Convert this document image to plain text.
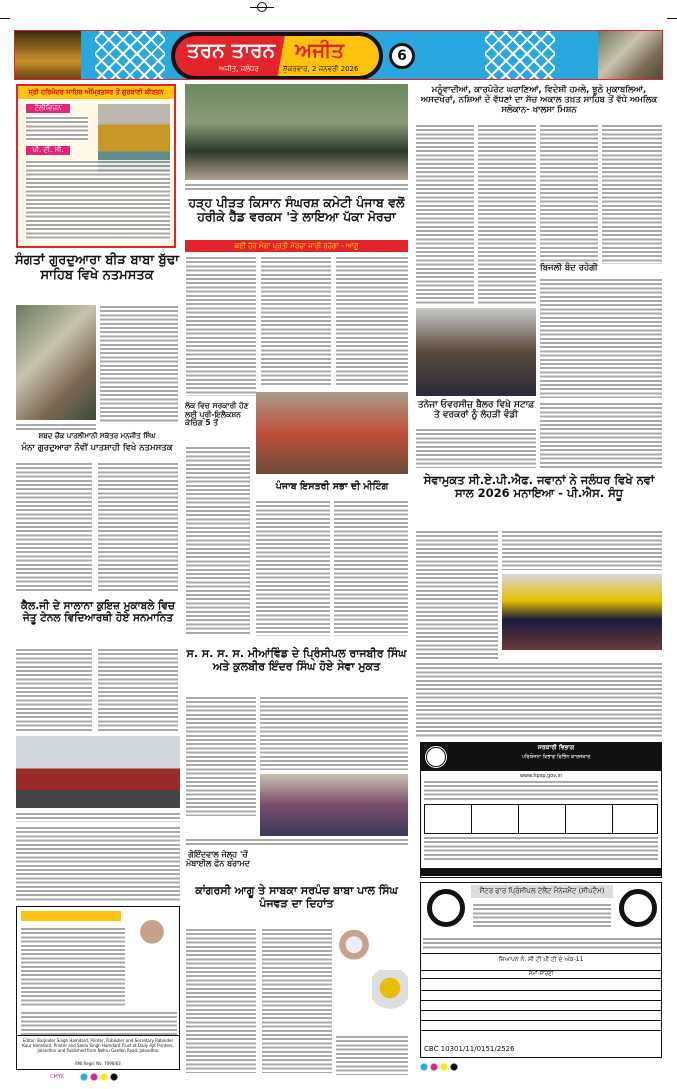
ਤਰਨ ਤਾਰਨ ਅਜੀਤ
ਅਜੀਤ, ਜਲੰਧਰ	ਸ਼ੁੱਕਰਵਾਰ, 2 ਜਨਵਰੀ 2026
6
ਸ੍ਰੀ ਹਰਿਮੰਦਰ ਸਾਹਿਬ ਅੰਮ੍ਰਿਤਸਰ ਤੋਂ ਗੁਰਬਾਣੀ ਕੀਰਤਨ
ਟੈਲੀਵਿਜ਼ਨ
ਪੀ. ਟੀ. ਸੀ.
ਸੰਗਤਾਂ ਗੁਰਦੁਆਰਾ ਬੀੜ ਬਾਬਾ ਬੁੱਢਾ ਸਾਹਿਬ ਵਿਖੇ ਨਤਮਸਤਕ
ਸ਼ਬਦ ਚੌਂਕ ਪਾਰਲੀਮਾਨੀ ਸਕੱਤਰ ਮਨਜੀਤ ਸਿੰਘ
ਮੰਨਾ ਗੁਰਦੁਆਰਾ ਨੌਵੀਂ ਪਾਤਸ਼ਾਹੀ ਵਿਖੇ ਨਤਮਸਤਕ
ਕੈਲ.ਜੀ ਦੇ ਸਾਲਾਨਾ ਕੁਇਜ਼ ਮੁਕਾਬਲੇ ਵਿਚ ਜੇਤੂ ਟੇਨਲ ਵਿਦਿਆਰਥੀ ਹੋਏ ਸਨਮਾਨਿਤ
Editor: Barjinder Singh Hamdard, Printer, Publisher and Secretary Rabinder Kaur Hamdard, Printer and Seelu Singh Hamdard Trust at Daily Ajit Printers, Jalandhar and Published from Nehru Garden Road, Jalandhar
RNI Regd. No. 7096/63
CMYK
ਹੜ੍ਹ ਪੀੜਤ ਕਿਸਾਨ ਸੰਘਰਸ਼ ਕਮੇਟੀ ਪੰਜਾਬ ਵਲੋਂ ਹਰੀਕੇ ਹੈੱਡ ਵਰਕਸ 'ਤੇ ਲਾਇਆ ਪੱਕਾ ਮੋਰਚਾ
ਕਈ ਹੋਰ ਮੰਗਾਂ ਪ੍ਰਤੀ ਮੋਰਚਾ ਜਾਰੀ ਰਹੇਗਾ - ਆਗੂ
ਲੋਕ ਵਿਚ ਸਰਕਾਰੀ ਹੋਣ ਲਈ ਪ੍ਰੀ-ਇਲੈਕਸ਼ਨ ਕੋਚਿੰਗ 5 ਤੋਂ
ਪੰਜਾਬ ਇਸਤਰੀ ਸਭਾ ਦੀ ਮੀਟਿੰਗ
ਸ. ਸ. ਸ. ਸ. ਮੀਆਂਵਿੰਡ ਦੇ ਪ੍ਰਿੰਸੀਪਲ ਰਾਜਬੀਰ ਸਿੰਘ ਅਤੇ ਕੁਲਬੀਰ ਇੰਦਰ ਸਿੰਘ ਹੋਏ ਸੇਵਾ ਮੁਕਤ
ਗੋਇੰਦਵਾਲ ਜੇਲ੍ਹ 'ਚੋਂ ਮੋਬਾਈਲ ਫੋਨ ਬਰਾਮਦ
ਕਾਂਗਰਸੀ ਆਗੂ ਤੇ ਸਾਬਕਾ ਸਰਪੰਚ ਬਾਬਾ ਪਾਲ ਸਿੰਘ ਪੰਜਵੜ ਦਾ ਦਿਹਾਂਤ
ਮਨੂੰਵਾਦੀਆਂ, ਕਾਰਪੋਰੇਟ ਘਰਾਣਿਆਂ, ਵਿਦੇਸ਼ੀ ਹਮਲੇ, ਝੂਠੇ ਮੁਕਾਬਲਿਆਂ, ਅਸਦਖੋਰਾਂ, ਨਸ਼ਿਆਂ ਦੇ ਵੱਧਣਾਂ ਦਾ ਸੱਚ ਅਕਾਲ ਤਖ਼ਤ ਸਾਹਿਬ ਤੋਂ ਵੱਧੇ ਅਮਲਿਕ ਸਲੋਕਾਨ- ਖਾਲਸਾ ਮਿਸ਼ਨ
ਬਿਜਲੀ ਬੰਦ ਰਹੇਗੀ
ਤਨੇਜਾ ਓਵਰਸੀਜ਼ ਬੈਲਰ ਵਿਖੇ ਸਟਾਫ਼ ਤੇ ਵਰਕਰਾਂ ਨੂੰ ਲੋਹੜੀ ਵੰਡੀ
ਸੇਵਾਮੁਕਤ ਸੀ.ਏ.ਪੀ.ਐਫ. ਜਵਾਨਾਂ ਨੇ ਜਲੰਧਰ ਵਿਖੇ ਨਵਾਂ ਸਾਲ 2026 ਮਨਾਇਆ - ਪੀ.ਐਸ. ਸੰਧੂ
ਸਰਕਾਰੀ ਵਿਭਾਗ
ਪਰਿਯੋਜਨਾ ਵਿਭਾਗ ਵਿਭਿੰਨ ਕਾਰਜਕਾਰ
www.hpsp.gov.in
ਸੈਂਟਰ ਫਾਰ ਪ੍ਰਿੰਸੀਪਲ ਟੇਲੈਂਟ ਮੈਨੇਜਮੈਂਟ (ਸੀਪਟੈਮ)
ਜ਼ਿਆਪਨ ਨੰ. ਸੀ ਟੀ ਪੀ ਟੀ ਦੇ ਅੰਕ-11
ਸਮਾਂ-ਸਾਰਣੀ
CBC 10301/11/0151/2526
